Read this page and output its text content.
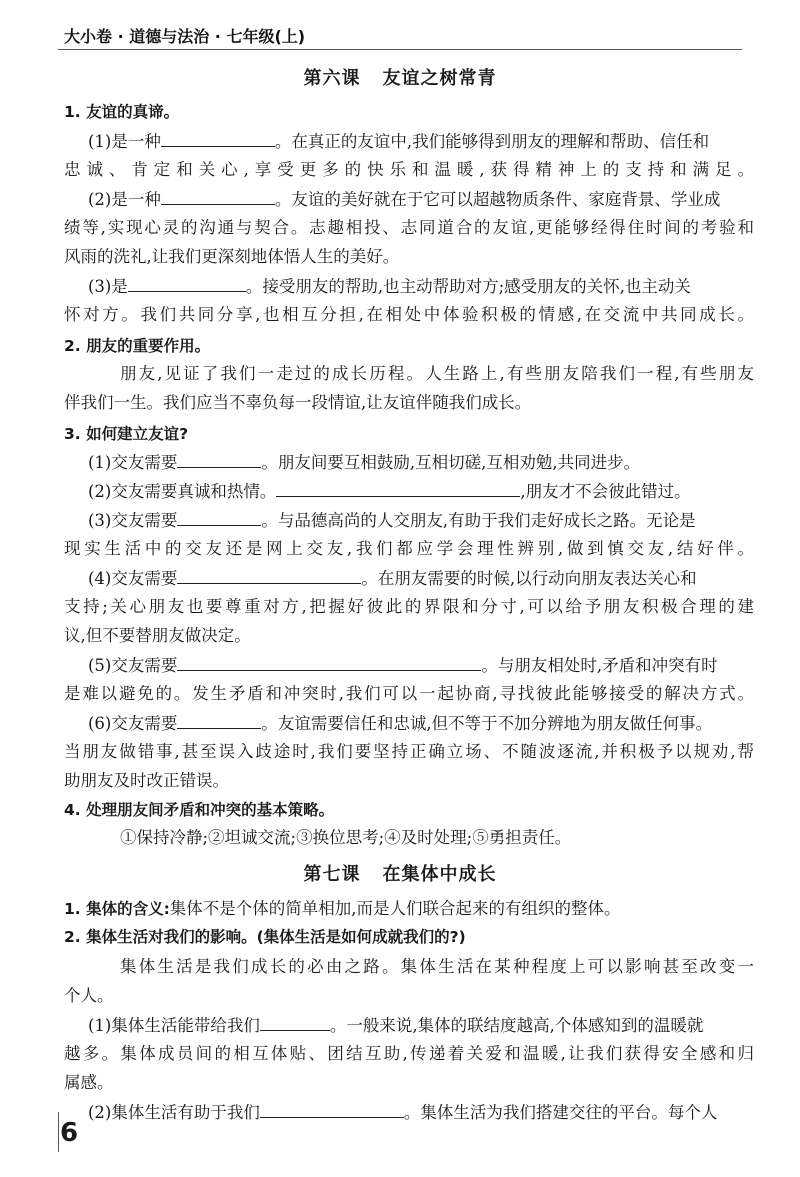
大小卷 · 道德与法治 · 七年级(上)
第六课 友谊之树常青
1. 友谊的真谛。
(1)是一种	。在真正的友谊中,我们能够得到朋友的理解和帮助、信任和
忠诚、肯定和关心,享受更多的快乐和温暖,获得精神上的支持和满足。
(2)是一种	。友谊的美好就在于它可以超越物质条件、家庭背景、学业成
绩等,实现心灵的沟通与契合。志趣相投、志同道合的友谊,更能够经得住时间的考验和
风雨的洗礼,让我们更深刻地体悟人生的美好。
(3)是	。接受朋友的帮助,也主动帮助对方;感受朋友的关怀,也主动关
怀对方。我们共同分享,也相互分担,在相处中体验积极的情感,在交流中共同成长。
2. 朋友的重要作用。
朋友,见证了我们一走过的成长历程。人生路上,有些朋友陪我们一程,有些朋友
伴我们一生。我们应当不辜负每一段情谊,让友谊伴随我们成长。
3. 如何建立友谊?
(1)交友需要	。朋友间要互相鼓励,互相切磋,互相劝勉,共同进步。
(2)交友需要真诚和热情。	,朋友才不会彼此错过。
(3)交友需要	。与品德高尚的人交朋友,有助于我们走好成长之路。无论是
现实生活中的交友还是网上交友,我们都应学会理性辨别,做到慎交友,结好伴。
(4)交友需要	。在朋友需要的时候,以行动向朋友表达关心和
支持;关心朋友也要尊重对方,把握好彼此的界限和分寸,可以给予朋友积极合理的建
议,但不要替朋友做决定。
(5)交友需要	。与朋友相处时,矛盾和冲突有时
是难以避免的。发生矛盾和冲突时,我们可以一起协商,寻找彼此能够接受的解决方式。
(6)交友需要	。友谊需要信任和忠诚,但不等于不加分辨地为朋友做任何事。
当朋友做错事,甚至误入歧途时,我们要坚持正确立场、不随波逐流,并积极予以规劝,帮
助朋友及时改正错误。
4. 处理朋友间矛盾和冲突的基本策略。
①保持冷静;②坦诚交流;③换位思考;④及时处理;⑤勇担责任。
第七课 在集体中成长
1. 集体的含义:集体不是个体的简单相加,而是人们联合起来的有组织的整体。
2. 集体生活对我们的影响。(集体生活是如何成就我们的?)
集体生活是我们成长的必由之路。集体生活在某种程度上可以影响甚至改变一
个人。
(1)集体生活能带给我们	。一般来说,集体的联结度越高,个体感知到的温暖就
越多。集体成员间的相互体贴、团结互助,传递着关爱和温暖,让我们获得安全感和归
属感。
(2)集体生活有助于我们	。集体生活为我们搭建交往的平台。每个人
6
